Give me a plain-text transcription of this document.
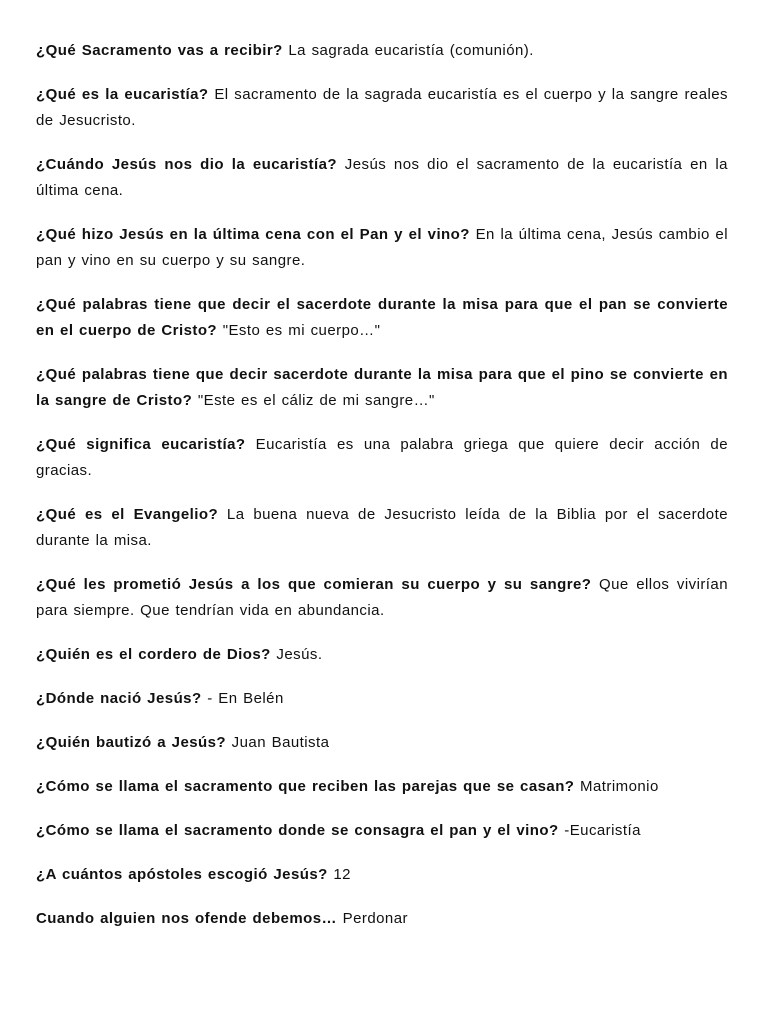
¿Qué Sacramento vas a recibir? La sagrada eucaristía (comunión).

¿Qué es la eucaristía? El sacramento de la sagrada eucaristía es el cuerpo y la sangre reales de Jesucristo.

¿Cuándo Jesús nos dio la eucaristía? Jesús nos dio el sacramento de la eucaristía en la última cena.

¿Qué hizo Jesús en la última cena con el Pan y el vino? En la última cena, Jesús cambio el pan y vino en su cuerpo y su sangre.

¿Qué palabras tiene que decir el sacerdote durante la misa para que el pan se convierte en el cuerpo de Cristo? "Esto es mi cuerpo…"

¿Qué palabras tiene que decir sacerdote durante la misa para que el pino se convierte en la sangre de Cristo? "Este es el cáliz de mi sangre…"

¿Qué significa eucaristía? Eucaristía es una palabra griega que quiere decir acción de gracias.

¿Qué es el Evangelio? La buena nueva de Jesucristo leída de la Biblia por el sacerdote durante la misa.

¿Qué les prometió Jesús a los que comieran su cuerpo y su sangre? Que ellos vivirían para siempre. Que tendrían vida en abundancia.

¿Quién es el cordero de Dios? Jesús.

¿Dónde nació Jesús? - En Belén

¿Quién bautizó a Jesús? Juan Bautista

¿Cómo se llama el sacramento que reciben las parejas que se casan? Matrimonio

¿Cómo se llama el sacramento donde se consagra el pan y el vino? -Eucaristía

¿A cuántos apóstoles escogió Jesús? 12

Cuando alguien nos ofende debemos… Perdonar
